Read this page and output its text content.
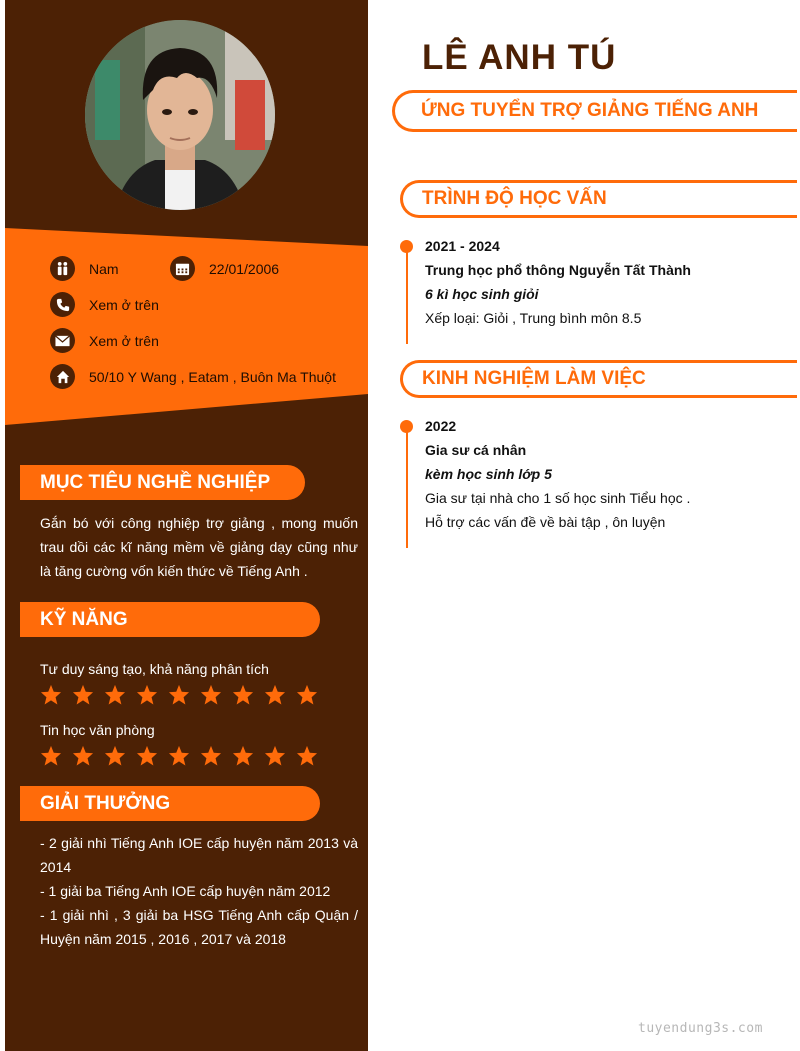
Nam	22/01/2006
Xem ở trên
Xem ở trên
50/10 Y Wang , Eatam , Buôn Ma Thuột
MỤC TIÊU NGHỀ NGHIỆP
Gắn bó với công nghiệp trợ giảng , mong muốn trau dồi các kĩ năng mềm về giảng dạy cũng như là tăng cường vốn kiến thức về Tiếng Anh .
KỸ NĂNG
Tư duy sáng tạo, khả năng phân tích
Tin học văn phòng
GIẢI THƯỞNG
- 2 giải nhì Tiếng Anh IOE cấp huyện năm 2013 và 2014
- 1 giải ba Tiếng Anh IOE cấp huyện năm 2012
- 1 giải nhì , 3 giải ba HSG Tiếng Anh cấp Quận / Huyện năm 2015 , 2016 , 2017 và 2018
LÊ ANH TÚ
ỨNG TUYỂN TRỢ GIẢNG TIẾNG ANH
TRÌNH ĐỘ HỌC VẤN
2021 - 2024
Trung học phổ thông Nguyễn Tất Thành
6 kì học sinh giỏi
Xếp loại: Giỏi , Trung bình môn 8.5
KINH NGHIỆM LÀM VIỆC
2022
Gia sư cá nhân
kèm học sinh lớp 5
Gia sư tại nhà cho 1 số học sinh Tiểu học .
Hỗ trợ các vấn đề về bài tập , ôn luyện
tuyendung3s.com
